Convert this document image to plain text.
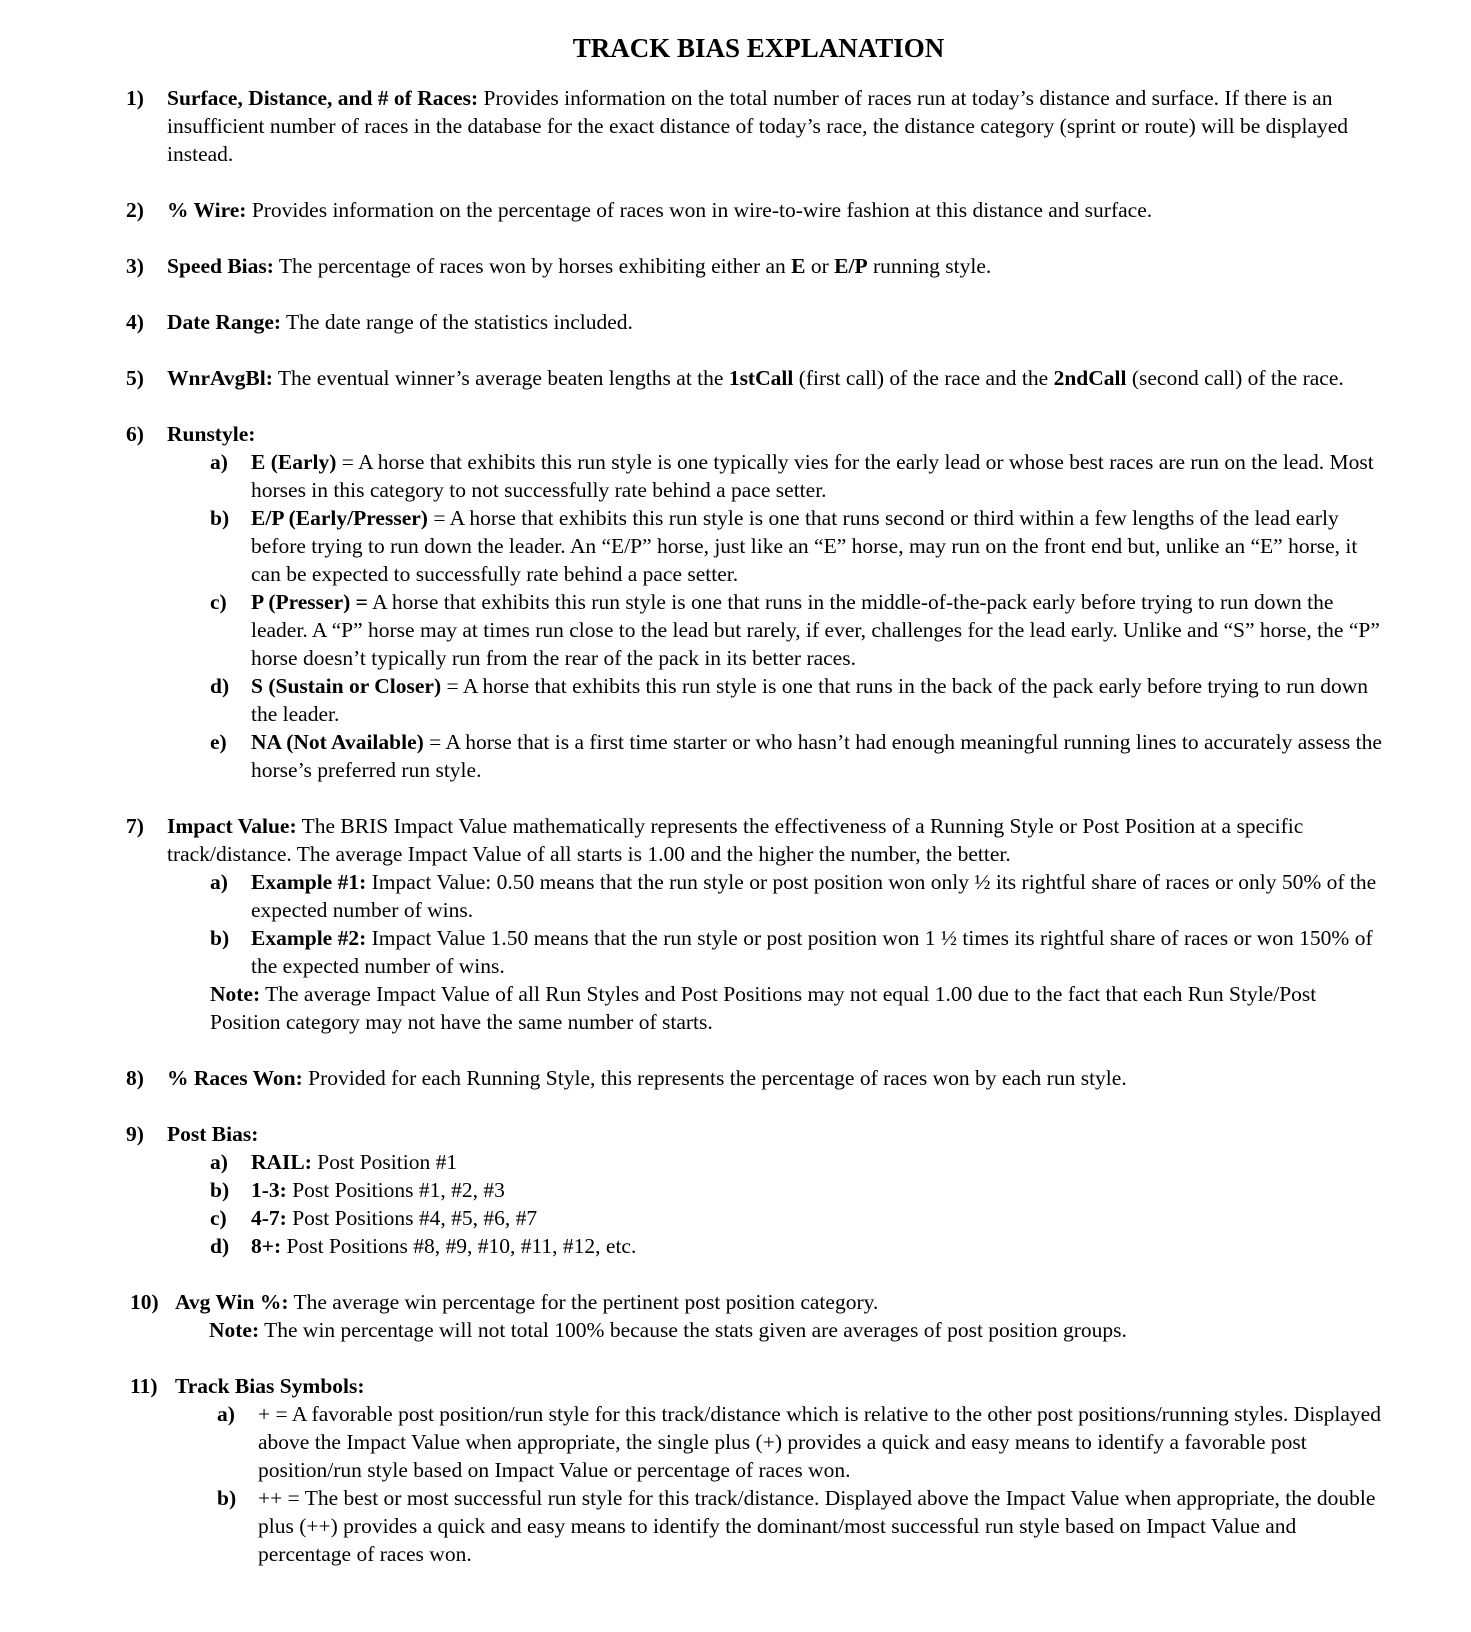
TRACK BIAS EXPLANATION
1) Surface, Distance, and # of Races: Provides information on the total number of races run at today’s distance and surface. If there is an insufficient number of races in the database for the exact distance of today’s race, the distance category (sprint or route) will be displayed instead.
2) % Wire: Provides information on the percentage of races won in wire-to-wire fashion at this distance and surface.
3) Speed Bias: The percentage of races won by horses exhibiting either an E or E/P running style.
4) Date Range: The date range of the statistics included.
5) WnrAvgBl: The eventual winner’s average beaten lengths at the 1stCall (first call) of the race and the 2ndCall (second call) of the race.
6) Runstyle:
a) E (Early) = A horse that exhibits this run style is one typically vies for the early lead or whose best races are run on the lead. Most horses in this category to not successfully rate behind a pace setter.
b) E/P (Early/Presser) = A horse that exhibits this run style is one that runs second or third within a few lengths of the lead early before trying to run down the leader. An “E/P” horse, just like an “E” horse, may run on the front end but, unlike an “E” horse, it can be expected to successfully rate behind a pace setter.
c) P (Presser) = A horse that exhibits this run style is one that runs in the middle-of-the-pack early before trying to run down the leader. A “P” horse may at times run close to the lead but rarely, if ever, challenges for the lead early. Unlike and “S” horse, the “P” horse doesn’t typically run from the rear of the pack in its better races.
d) S (Sustain or Closer) = A horse that exhibits this run style is one that runs in the back of the pack early before trying to run down the leader.
e) NA (Not Available) = A horse that is a first time starter or who hasn’t had enough meaningful running lines to accurately assess the horse’s preferred run style.
7) Impact Value: The BRIS Impact Value mathematically represents the effectiveness of a Running Style or Post Position at a specific track/distance. The average Impact Value of all starts is 1.00 and the higher the number, the better.
a) Example #1: Impact Value: 0.50 means that the run style or post position won only ½ its rightful share of races or only 50% of the expected number of wins.
b) Example #2: Impact Value 1.50 means that the run style or post position won 1 ½ times its rightful share of races or won 150% of the expected number of wins.
Note: The average Impact Value of all Run Styles and Post Positions may not equal 1.00 due to the fact that each Run Style/Post Position category may not have the same number of starts.
8) % Races Won: Provided for each Running Style, this represents the percentage of races won by each run style.
9) Post Bias:
a) RAIL: Post Position #1
b) 1-3: Post Positions #1, #2, #3
c) 4-7: Post Positions #4, #5, #6, #7
d) 8+: Post Positions #8, #9, #10, #11, #12, etc.
10) Avg Win %: The average win percentage for the pertinent post position category.
Note: The win percentage will not total 100% because the stats given are averages of post position groups.
11) Track Bias Symbols:
a) + = A favorable post position/run style for this track/distance which is relative to the other post positions/running styles. Displayed above the Impact Value when appropriate, the single plus (+) provides a quick and easy means to identify a favorable post position/run style based on Impact Value or percentage of races won.
b) ++ = The best or most successful run style for this track/distance. Displayed above the Impact Value when appropriate, the double plus (++) provides a quick and easy means to identify the dominant/most successful run style based on Impact Value and percentage of races won.
